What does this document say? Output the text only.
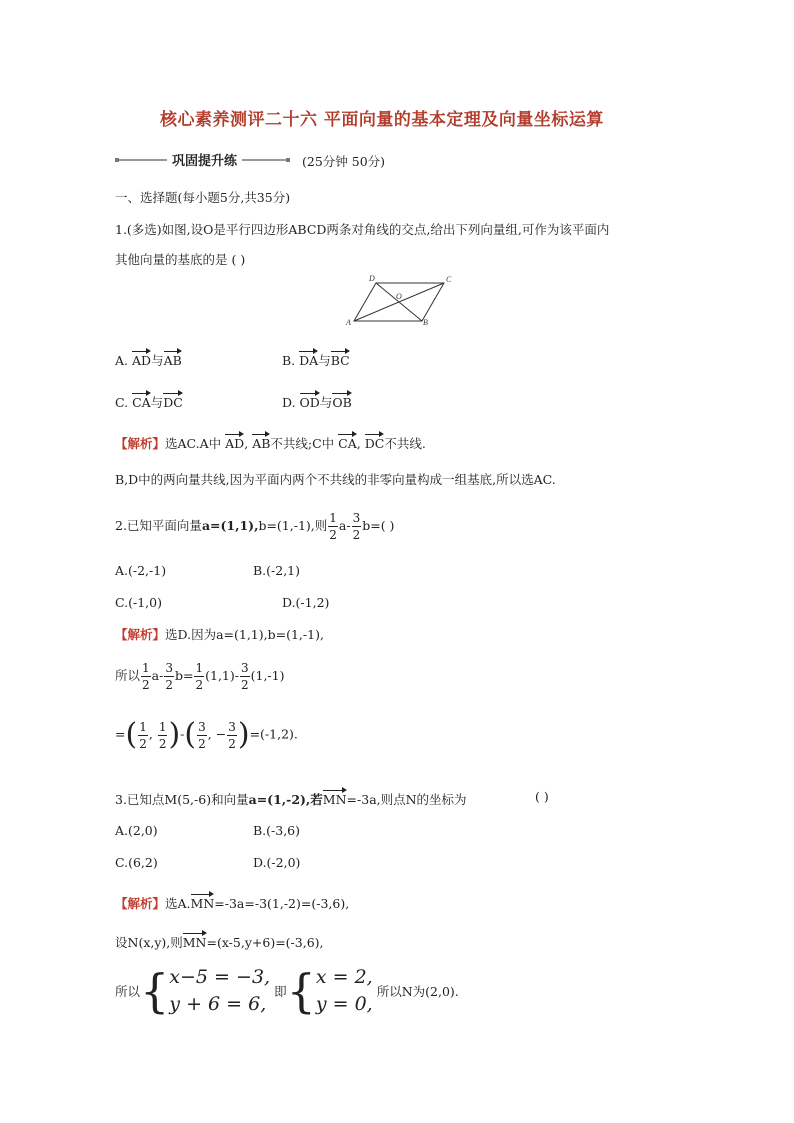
核心素养测评二十六 平面向量的基本定理及向量坐标运算
巩固提升练	(25分钟 50分)
一、选择题(每小题5分,共35分)
1.(多选)如图,设O是平行四边形ABCD两条对角线的交点,给出下列向量组,可作为该平面内
其他向量的基底的是 ( )
D	C
O
A	B
A. AD与AB	B. DA与BC
C. CA与DC	D. OD与OB
【解析】选AC.A中 AD, AB不共线;C中 CA, DC不共线.
B,D中的两向量共线,因为平面内两个不共线的非零向量构成一组基底,所以选AC.
2.已知平面向量a=(1,1),b=(1,-1),则 $\frac{1}{2} a- \frac{3}{2} b=$( )
A.(-2,-1)	B.(-2,1)
C.(-1,0)	D.(-1,2)
【解析】选D.因为a=(1,1),b=(1,-1),
所以 $\frac{1}{2} a- \frac{3}{2} b= \frac{1}{2} (1,1)- \frac{3}{2} (1,-1)$
=( $\frac{1}{2}$ , $\frac{1}{2}$ )-( $\frac{3}{2}$ , − $\frac{3}{2} )=(-1,2)$.
3.已知点M(5,-6)和向量a=(1,-2),若MN=-3a,则点N的坐标为	( )
A.(2,0)	B.(-3,6)
C.(6,2)	D.(-2,0)
【解析】选A.MN=-3a=-3(1,-2)=(-3,6),
设N(x,y),则MN=(x-5,y+6)=(-3,6),
所以{ x−5 = −3,
y + 6 = 6,
即{ x = 2,
y = 0,
所以N为(2,0).
